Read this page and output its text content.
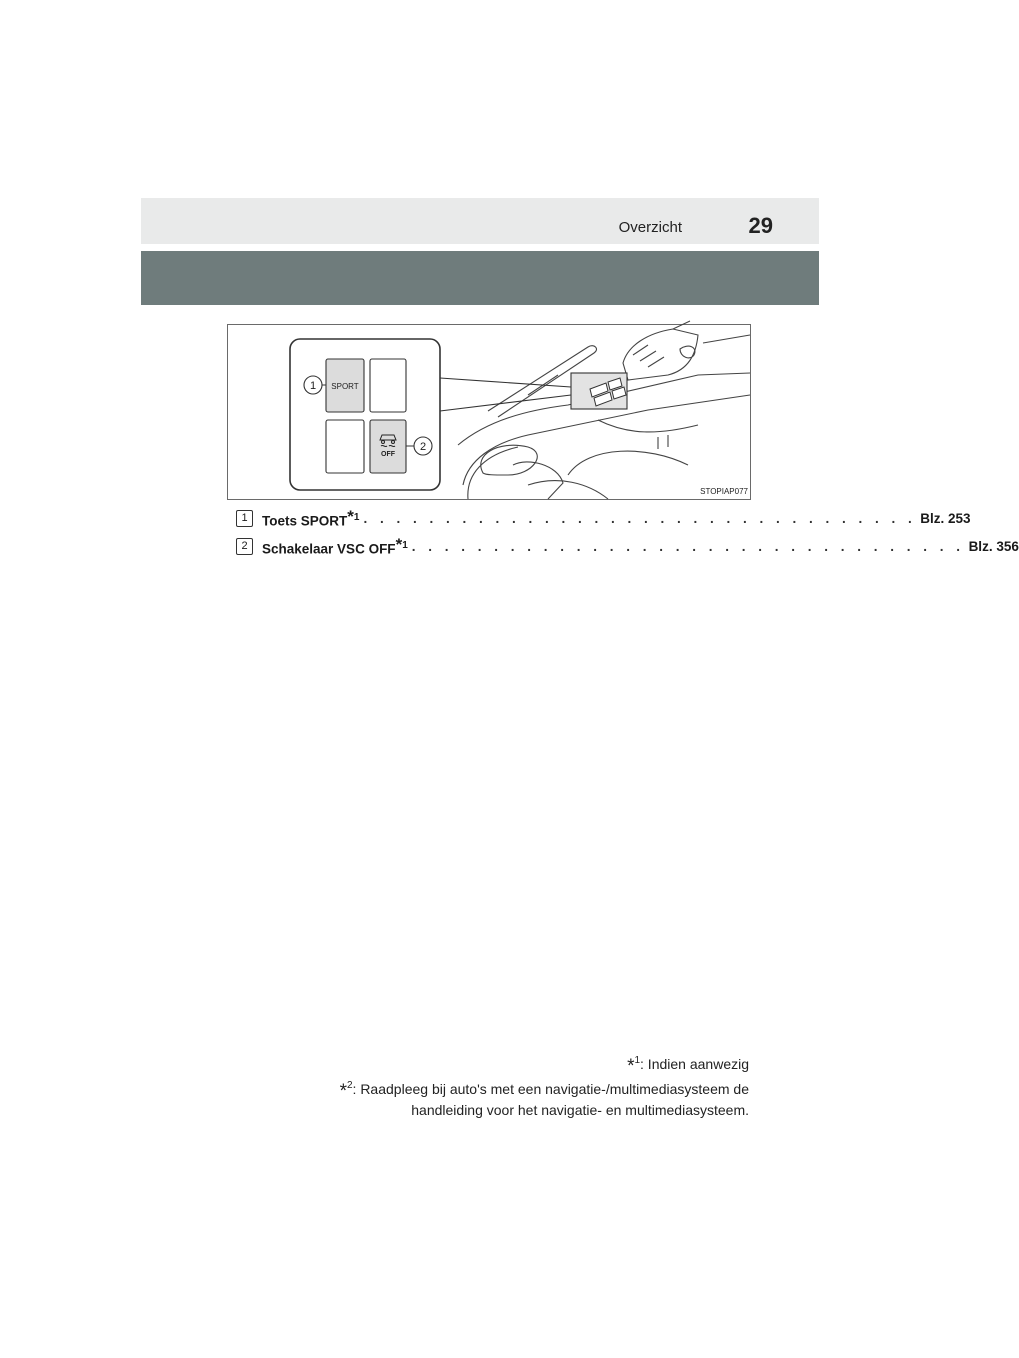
Overzicht	29
SPORT
OFF
1
2
STOPIAP077
1	Toets SPORT$^{*1}$ . . . . . . . . . . . . . . . . . . . . . . . . . . . . . . . . . . Blz. 253
2	Schakelaar VSC OFF$^{*1}$ . . . . . . . . . . . . . . . . . . . . . . . . . . . . . . . . . . Blz. 356
*$^1$: Indien aanwezig
*$^2$: Raadpleeg bij auto's met een navigatie-/multimediasysteem de
handleiding voor het navigatie- en multimediasysteem.
